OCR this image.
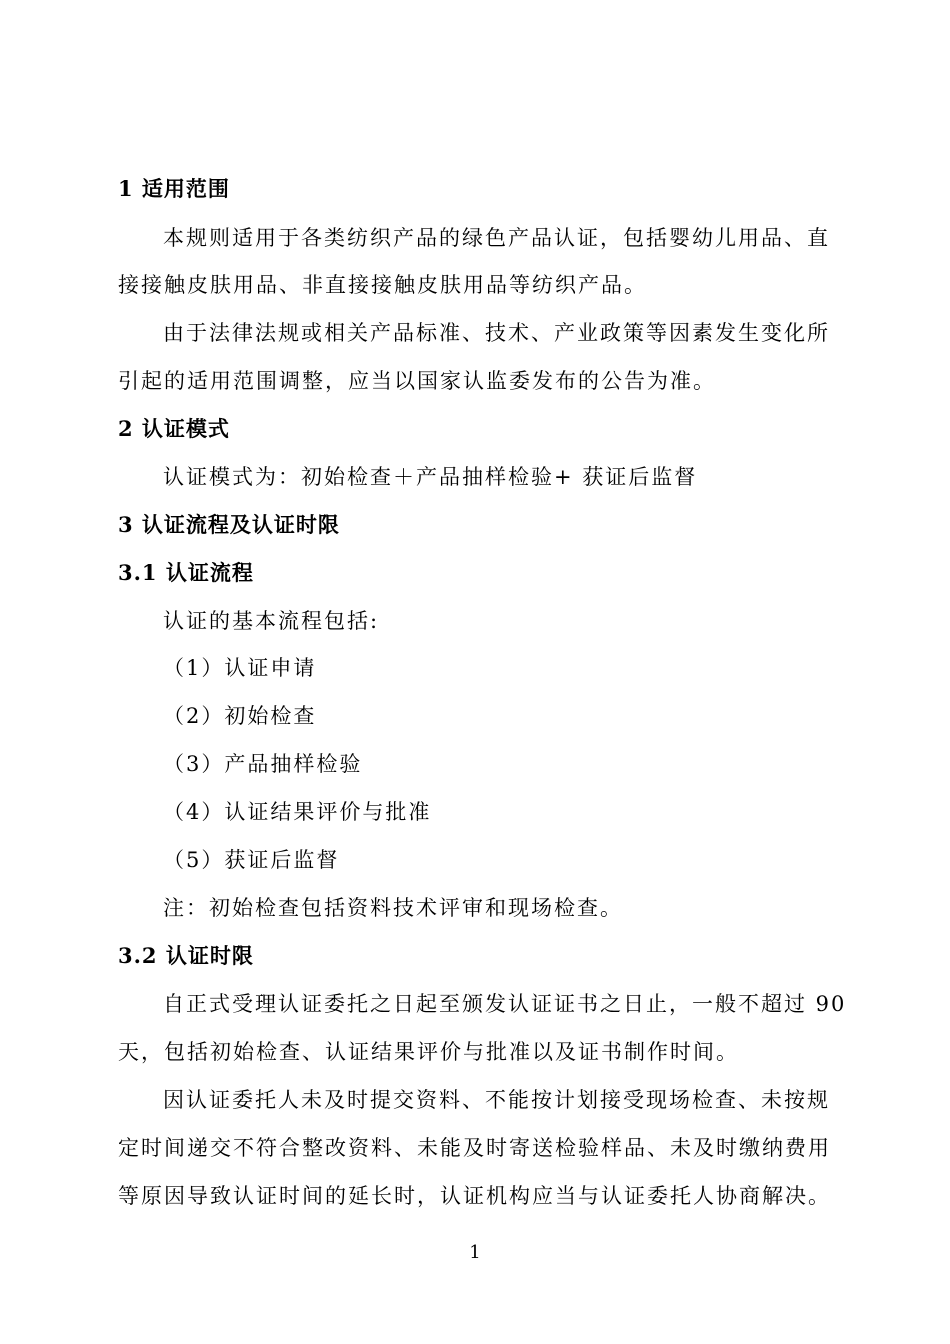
1 适用范围
本规则适用于各类纺织产品的绿色产品认证，包括婴幼儿用品、直
接接触皮肤用品、非直接接触皮肤用品等纺织产品。
由于法律法规或相关产品标准、技术、产业政策等因素发生变化所
引起的适用范围调整，应当以国家认监委发布的公告为准。
2 认证模式
认证模式为：初始检查＋产品抽样检验+ 获证后监督
3 认证流程及认证时限
3.1 认证流程
认证的基本流程包括:
（1）认证申请
（2）初始检查
（3）产品抽样检验
（4）认证结果评价与批准
（5）获证后监督
注：初始检查包括资料技术评审和现场检查。
3.2 认证时限
自正式受理认证委托之日起至颁发认证证书之日止，一般不超过 90
天，包括初始检查、认证结果评价与批准以及证书制作时间。
因认证委托人未及时提交资料、不能按计划接受现场检查、未按规
定时间递交不符合整改资料、未能及时寄送检验样品、未及时缴纳费用
等原因导致认证时间的延长时，认证机构应当与认证委托人协商解决。
1
